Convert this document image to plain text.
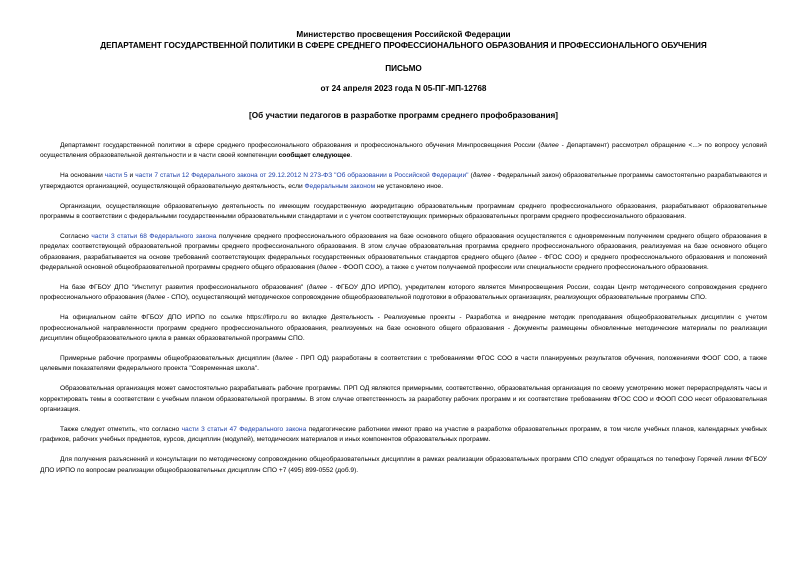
Министерство просвещения Российской Федерации
ДЕПАРТАМЕНТ ГОСУДАРСТВЕННОЙ ПОЛИТИКИ В СФЕРЕ СРЕДНЕГО ПРОФЕССИОНАЛЬНОГО ОБРАЗОВАНИЯ И ПРОФЕССИОНАЛЬНОГО ОБУЧЕНИЯ
ПИСЬМО
от 24 апреля 2023 года N 05-ПГ-МП-12768
[Об участии педагогов в разработке программ среднего профобразования]

Департамент государственной политики в сфере среднего профессионального образования и профессионального обучения Минпросвещения России (далее - Департамент) рассмотрел обращение <...> по вопросу условий осуществления образовательной деятельности и в части своей компетенции сообщает следующее.

На основании части 5 и части 7 статьи 12 Федерального закона от 29.12.2012 N 273-ФЗ "Об образовании в Российской Федерации" (далее - Федеральный закон) образовательные программы самостоятельно разрабатываются и утверждаются организацией, осуществляющей образовательную деятельность, если Федеральным законом не установлено иное.

Организации, осуществляющие образовательную деятельность по имеющим государственную аккредитацию образовательным программам среднего профессионального образования, разрабатывают образовательные программы в соответствии с федеральными государственными образовательными стандартами и с учетом соответствующих примерных образовательных программ среднего профессионального образования.

Согласно части 3 статьи 68 Федерального закона получение среднего профессионального образования на базе основного общего образования осуществляется с одновременным получением среднего общего образования в пределах соответствующей образовательной программы среднего профессионального образования. В этом случае образовательная программа среднего профессионального образования, реализуемая на базе основного общего образования, разрабатывается на основе требований соответствующих федеральных государственных образовательных стандартов среднего общего (далее - ФГОС СОО) и среднего профессионального образования и положений федеральной основной общеобразовательной программы среднего общего образования (далее - ФООП СОО), а также с учетом получаемой профессии или специальности среднего профессионального образования.

На базе ФГБОУ ДПО "Институт развития профессионального образования" (далее - ФГБОУ ДПО ИРПО), учредителем которого является Минпросвещения России, создан Центр методического сопровождения среднего профессионального образования (далее - СПО), осуществляющий методическое сопровождение общеобразовательной подготовки в образовательных организациях, реализующих образовательные программы СПО.

На официальном сайте ФГБОУ ДПО ИРПО по ссылке https://firpo.ru во вкладке Деятельность - Реализуемые проекты - Разработка и внедрение методик преподавания общеобразовательных дисциплин с учетом профессиональной направленности программ среднего профессионального образования, реализуемых на базе основного общего образования - Документы размещены обновленные методические материалы по реализации дисциплин общеобразовательного цикла в рамках образовательной программы СПО.

Примерные рабочие программы общеобразовательных дисциплин (далее - ПРП ОД) разработаны в соответствии с требованиями ФГОС СОО в части планируемых результатов обучения, положениями ФООГ СОО, а также целевыми показателями федерального проекта "Современная школа".

Образовательная организация может самостоятельно разрабатывать рабочие программы. ПРП ОД являются примерными, соответственно, образовательная организация по своему усмотрению может перераспределять часы и корректировать темы в соответствии с учебным планом образовательной программы. В этом случае ответственность за разработку рабочих программ и их соответствие требованиям ФГОС СОО и ФООП СОО несет образовательная организация.

Также следует отметить, что согласно части 3 статьи 47 Федерального закона педагогические работники имеют право на участие в разработке образовательных программ, в том числе учебных планов, календарных учебных графиков, рабочих учебных предметов, курсов, дисциплин (модулей), методических материалов и иных компонентов образовательных программ.

Для получения разъяснений и консультации по методическому сопровождению общеобразовательных дисциплин в рамках реализации образовательных программ СПО следует обращаться по телефону Горячей линии ФГБОУ ДПО ИРПО по вопросам реализации общеобразовательных дисциплин СПО +7 (495) 899-0552 (доб.9).
